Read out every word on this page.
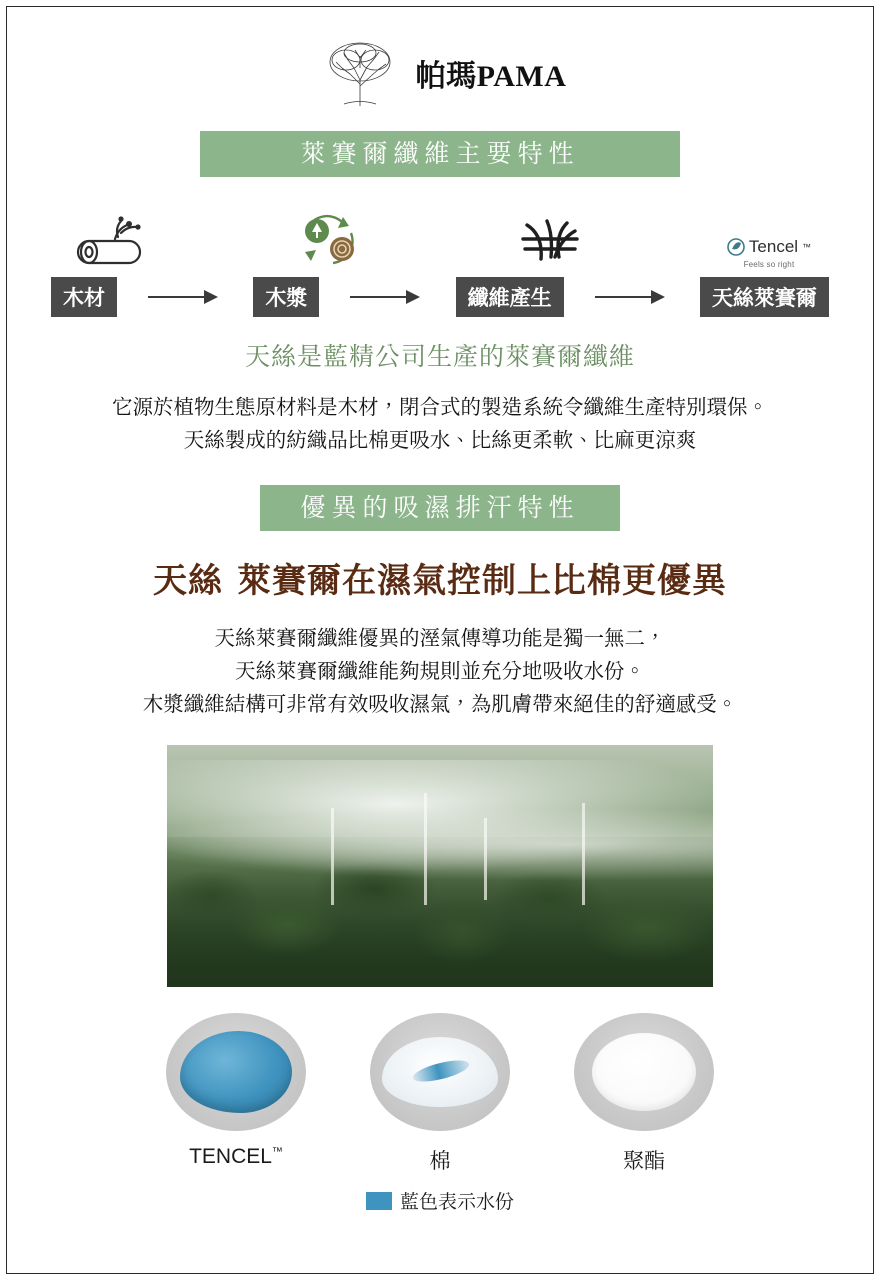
帕瑪PAMA
萊賽爾纖維主要特性
Tencel ™
Feels so right
木材	木漿	纖維產生	天絲萊賽爾
天絲是藍精公司生產的萊賽爾纖維
它源於植物生態原材料是木材，閉合式的製造系統令纖維生產特別環保。
天絲製成的紡織品比棉更吸水、比絲更柔軟、比麻更涼爽
優異的吸濕排汗特性
天絲 萊賽爾在濕氣控制上比棉更優異
天絲萊賽爾纖維優異的溼氣傳導功能是獨一無二，
天絲萊賽爾纖維能夠規則並充分地吸收水份。
木漿纖維結構可非常有效吸收濕氣，為肌膚帶來絕佳的舒適感受。
TENCEL™	棉	聚酯
藍色表示水份
